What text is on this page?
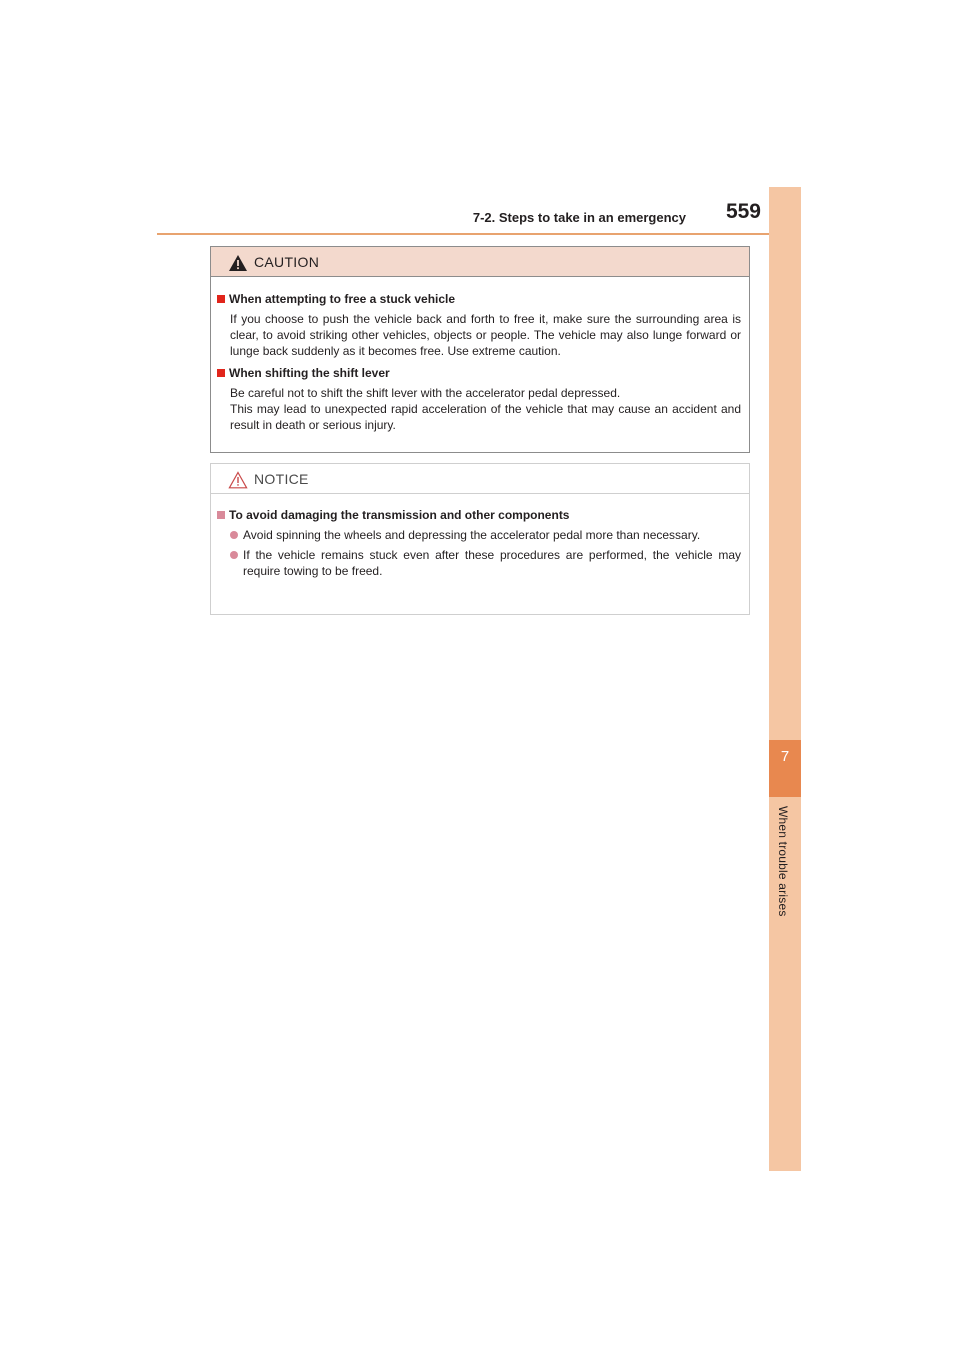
7-2. Steps to take in an emergency	559
7
When trouble arises
CAUTION
When attempting to free a stuck vehicle
If you choose to push the vehicle back and forth to free it, make sure the surrounding area is clear, to avoid striking other vehicles, objects or people. The vehicle may also lunge forward or lunge back suddenly as it becomes free. Use extreme caution.
When shifting the shift lever
Be careful not to shift the shift lever with the accelerator pedal depressed.
This may lead to unexpected rapid acceleration of the vehicle that may cause an accident and result in death or serious injury.
NOTICE
To avoid damaging the transmission and other components
Avoid spinning the wheels and depressing the accelerator pedal more than necessary.
If the vehicle remains stuck even after these procedures are performed, the vehicle may require towing to be freed.
